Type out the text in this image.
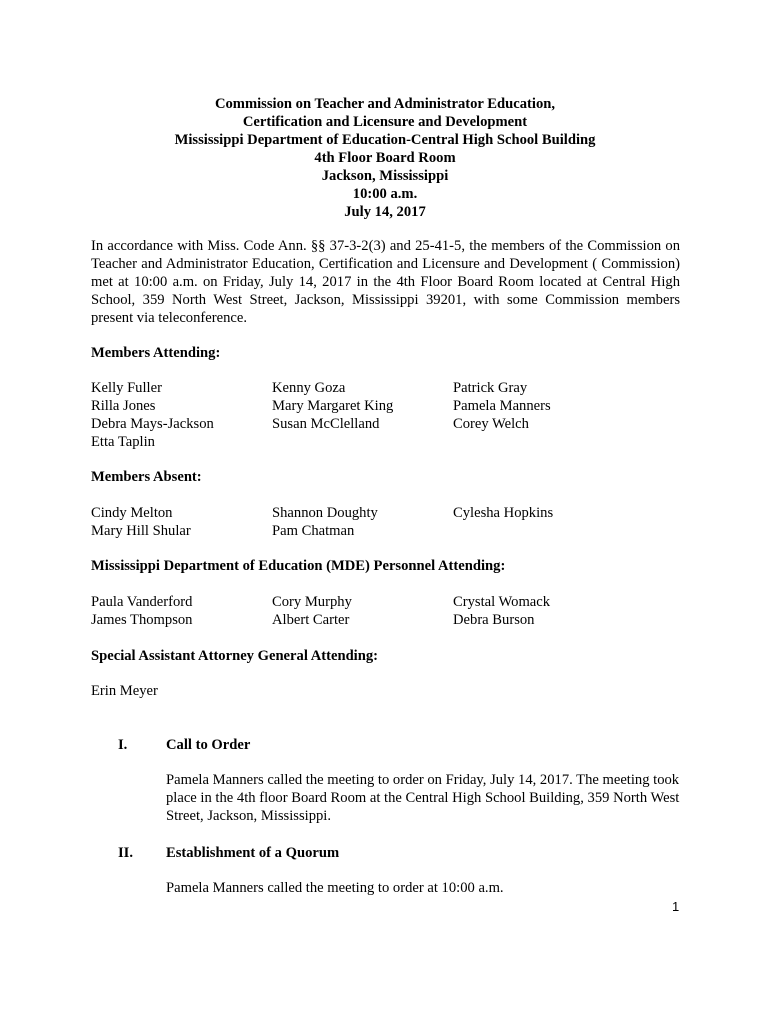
Commission on Teacher and Administrator Education,
Certification and Licensure and Development
Mississippi Department of Education-Central High School Building
4th Floor Board Room
Jackson, Mississippi
10:00 a.m.
July 14, 2017
In accordance with Miss. Code Ann. §§ 37-3-2(3) and 25-41-5, the members of the Commission on Teacher and Administrator Education, Certification and Licensure and Development ( Commission) met at 10:00 a.m. on Friday, July 14, 2017 in the 4th Floor Board Room located at Central High School, 359 North West Street, Jackson, Mississippi 39201, with some Commission members present via teleconference.
Members Attending:
Kelly Fuller	Kenny Goza	Patrick Gray
Rilla Jones	Mary Margaret King	Pamela Manners
Debra Mays-Jackson	Susan McClelland	Corey Welch
Etta Taplin
Members Absent:
Cindy Melton	Shannon Doughty	Cylesha Hopkins
Mary Hill Shular	Pam Chatman
Mississippi Department of Education (MDE) Personnel Attending:
Paula Vanderford	Cory Murphy	Crystal Womack
James Thompson	Albert Carter	Debra Burson
Special Assistant Attorney General Attending:
Erin Meyer
I.	Call to Order
Pamela Manners called the meeting to order on Friday, July 14, 2017. The meeting took place in the 4th floor Board Room at the Central High School Building, 359 North West Street, Jackson, Mississippi.
II. Establishment of a Quorum
Pamela Manners called the meeting to order at 10:00 a.m.
1
